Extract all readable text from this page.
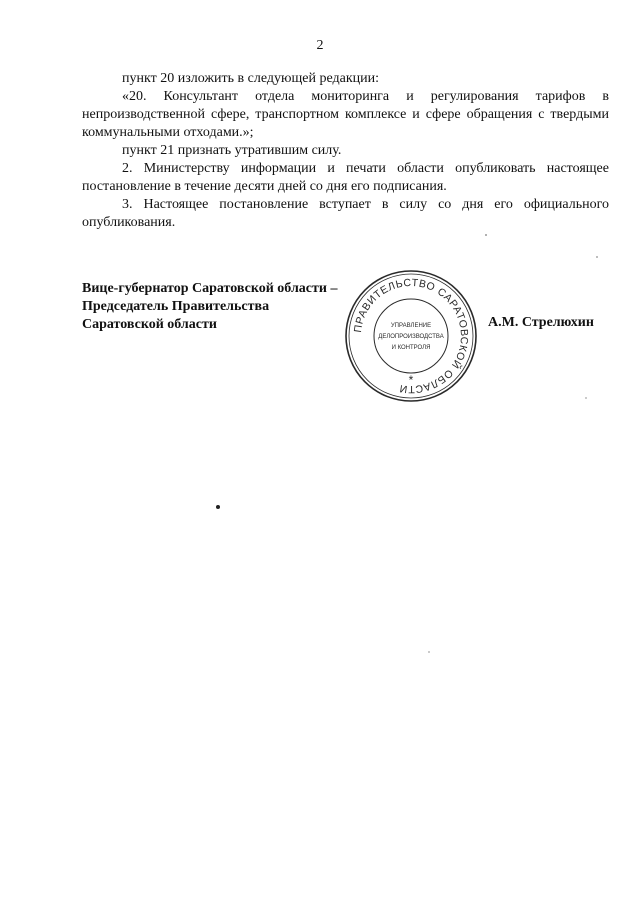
2

пункт 20 изложить в следующей редакции:

«20. Консультант отдела мониторинга и регулирования тарифов в непроизводственной сфере, транспортном комплексе и сфере обращения с твердыми коммунальными отходами.»;

пункт 21 признать утратившим силу.

2. Министерству информации и печати области опубликовать настоящее постановление в течение десяти дней со дня его подписания.

3. Настоящее постановление вступает в силу со дня его официального опубликования.

Вице-губернатор Саратовской области –
Председатель Правительства
Саратовской области	ПРАВИТЕЛЬСТВО САРАТОВСКОЙ ОБЛАСТИ
УПРАВЛЕНИЕ
ДЕЛОПРОИЗВОДСТВА
И КОНТРОЛЯ
*
А.М. Стрелюхин
